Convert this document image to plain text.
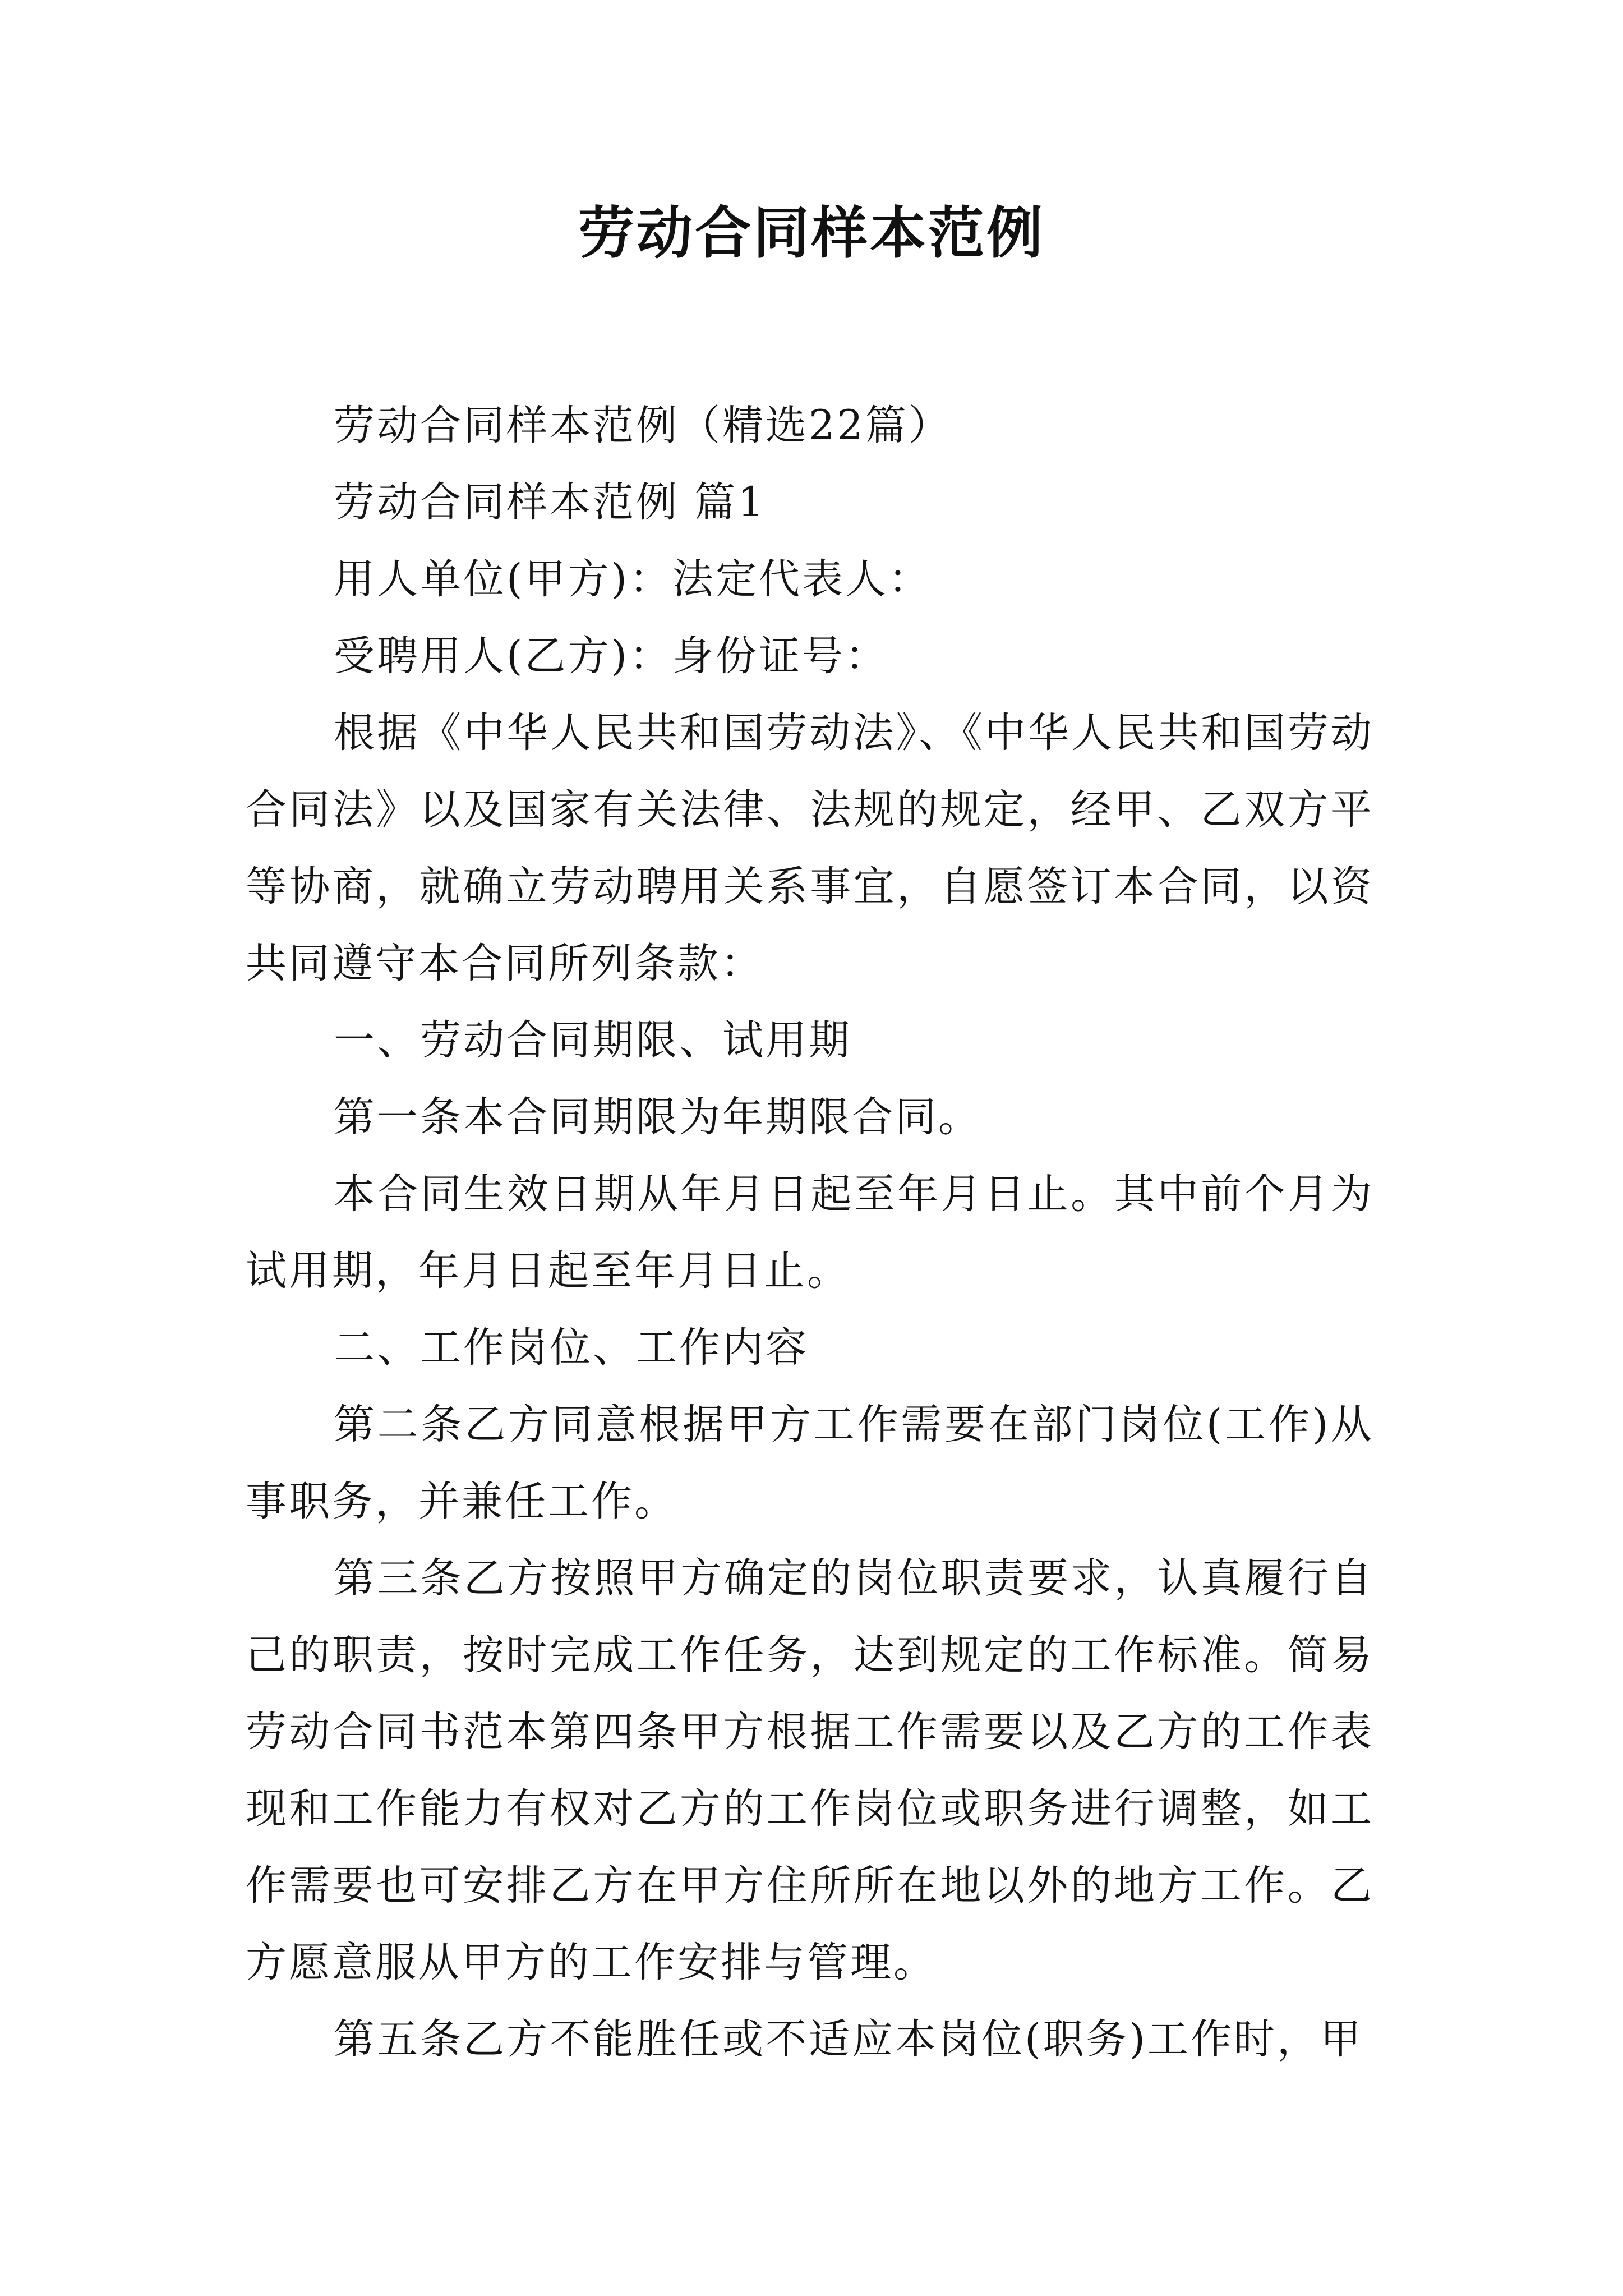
劳动合同样本范例

劳动合同样本范例（精选22篇）

劳动合同样本范例 篇1

用人单位(甲方)：法定代表人：

受聘用人(乙方)：身份证号：

根据《中华人民共和国劳动法》、《中华人民共和国劳动合同法》以及国家有关法律、法规的规定，经甲、乙双方平等协商，就确立劳动聘用关系事宜，自愿签订本合同，以资共同遵守本合同所列条款：

一、劳动合同期限、试用期

第一条本合同期限为年期限合同。

本合同生效日期从年月日起至年月日止。其中前个月为试用期，年月日起至年月日止。

二、工作岗位、工作内容

第二条乙方同意根据甲方工作需要在部门岗位(工作)从事职务，并兼任工作。

第三条乙方按照甲方确定的岗位职责要求，认真履行自己的职责，按时完成工作任务，达到规定的工作标准。简易劳动合同书范本第四条甲方根据工作需要以及乙方的工作表现和工作能力有权对乙方的工作岗位或职务进行调整，如工作需要也可安排乙方在甲方住所所在地以外的地方工作。乙方愿意服从甲方的工作安排与管理。

第五条乙方不能胜任或不适应本岗位(职务)工作时，甲
